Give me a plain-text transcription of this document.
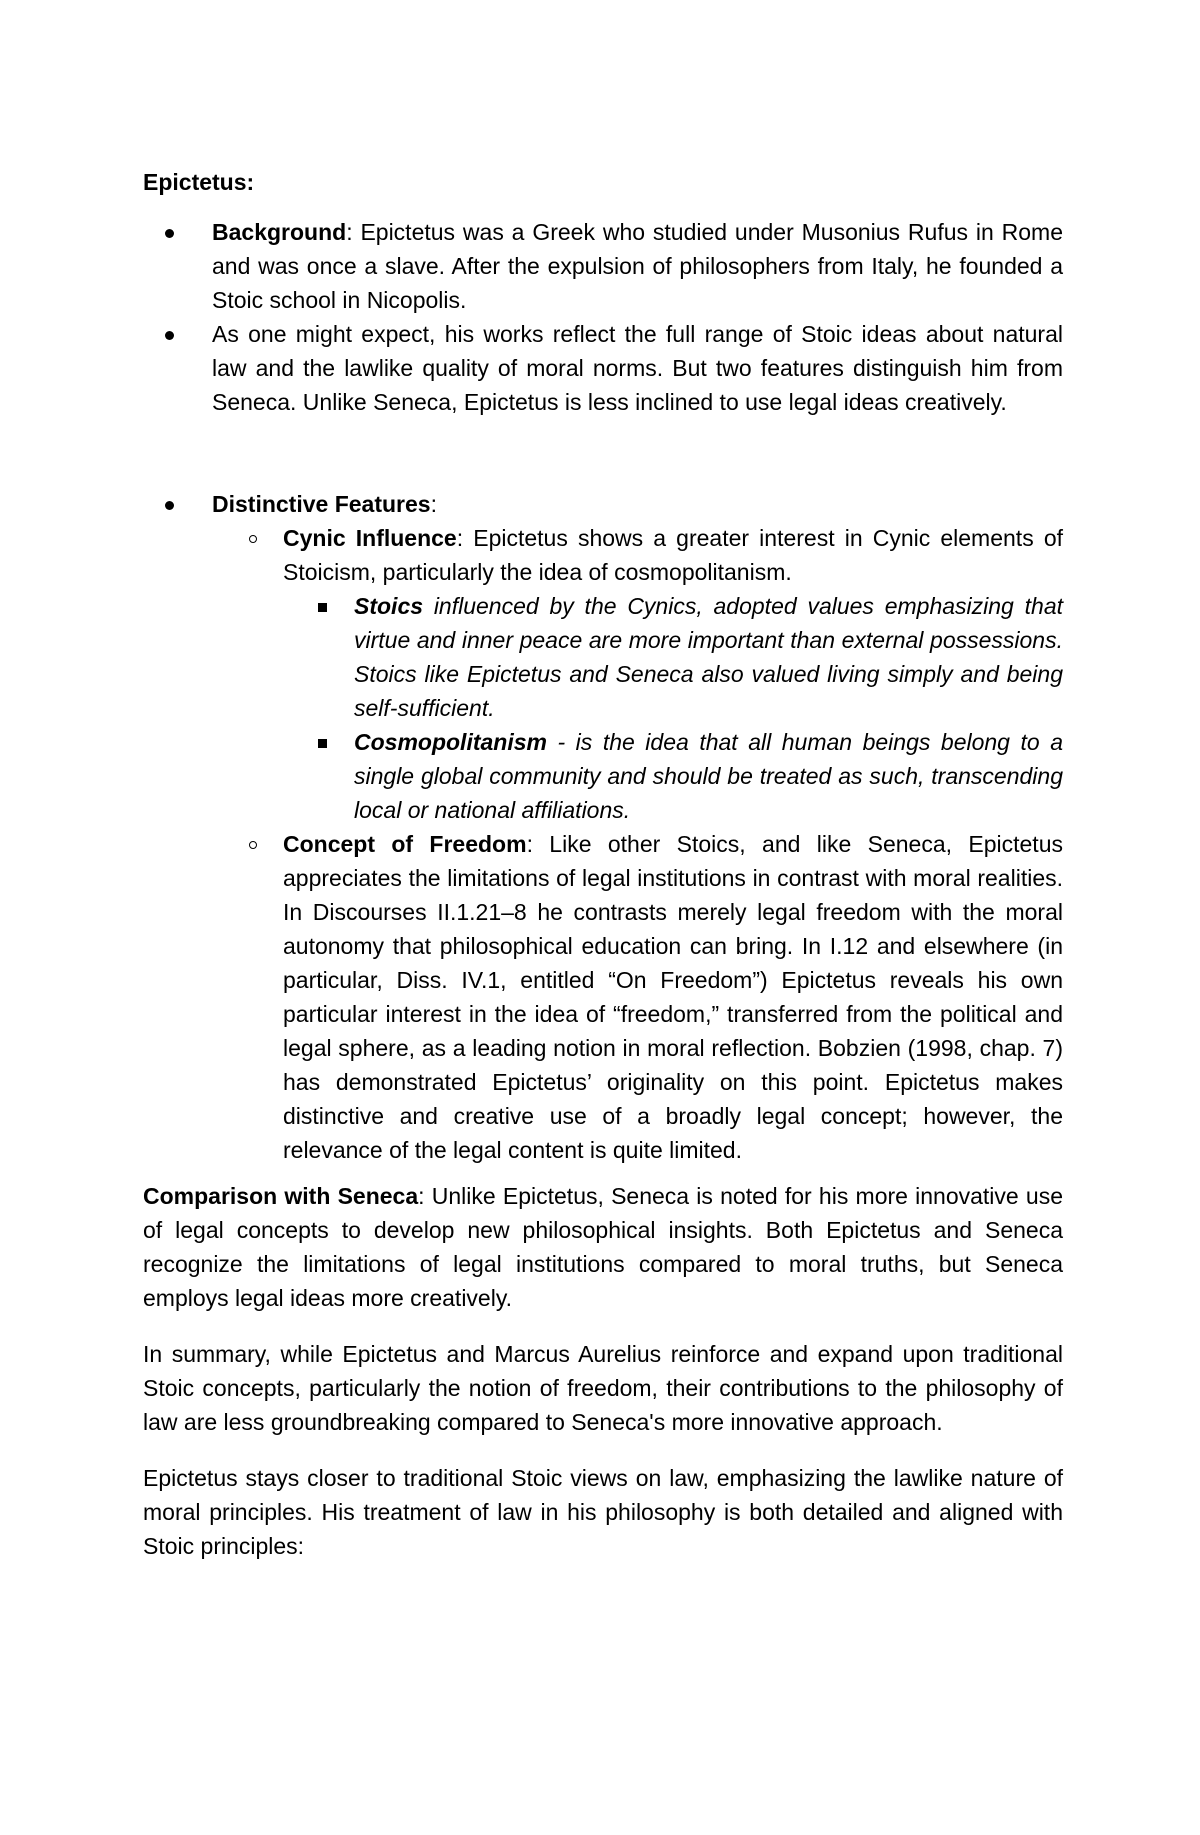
Epictetus:
Background: Epictetus was a Greek who studied under Musonius Rufus in Rome and was once a slave. After the expulsion of philosophers from Italy, he founded a Stoic school in Nicopolis.
As one might expect, his works reflect the full range of Stoic ideas about natural law and the lawlike quality of moral norms. But two features distinguish him from Seneca. Unlike Seneca, Epictetus is less inclined to use legal ideas creatively.
Distinctive Features:
Cynic Influence: Epictetus shows a greater interest in Cynic elements of Stoicism, particularly the idea of cosmopolitanism.
Stoics influenced by the Cynics, adopted values emphasizing that virtue and inner peace are more important than external possessions. Stoics like Epictetus and Seneca also valued living simply and being self-sufficient.
Cosmopolitanism - is the idea that all human beings belong to a single global community and should be treated as such, transcending local or national affiliations.
Concept of Freedom: Like other Stoics, and like Seneca, Epictetus appreciates the limitations of legal institutions in contrast with moral realities. In Discourses II.1.21–8 he contrasts merely legal freedom with the moral autonomy that philosophical education can bring. In I.12 and elsewhere (in particular, Diss. IV.1, entitled “On Freedom”) Epictetus reveals his own particular interest in the idea of “freedom,” transferred from the political and legal sphere, as a leading notion in moral reflection. Bobzien (1998, chap. 7) has demonstrated Epictetus’ originality on this point. Epictetus makes distinctive and creative use of a broadly legal concept; however, the relevance of the legal content is quite limited.

Comparison with Seneca: Unlike Epictetus, Seneca is noted for his more innovative use of legal concepts to develop new philosophical insights. Both Epictetus and Seneca recognize the limitations of legal institutions compared to moral truths, but Seneca employs legal ideas more creatively.

In summary, while Epictetus and Marcus Aurelius reinforce and expand upon traditional Stoic concepts, particularly the notion of freedom, their contributions to the philosophy of law are less groundbreaking compared to Seneca's more innovative approach.

Epictetus stays closer to traditional Stoic views on law, emphasizing the lawlike nature of moral principles. His treatment of law in his philosophy is both detailed and aligned with Stoic principles:
